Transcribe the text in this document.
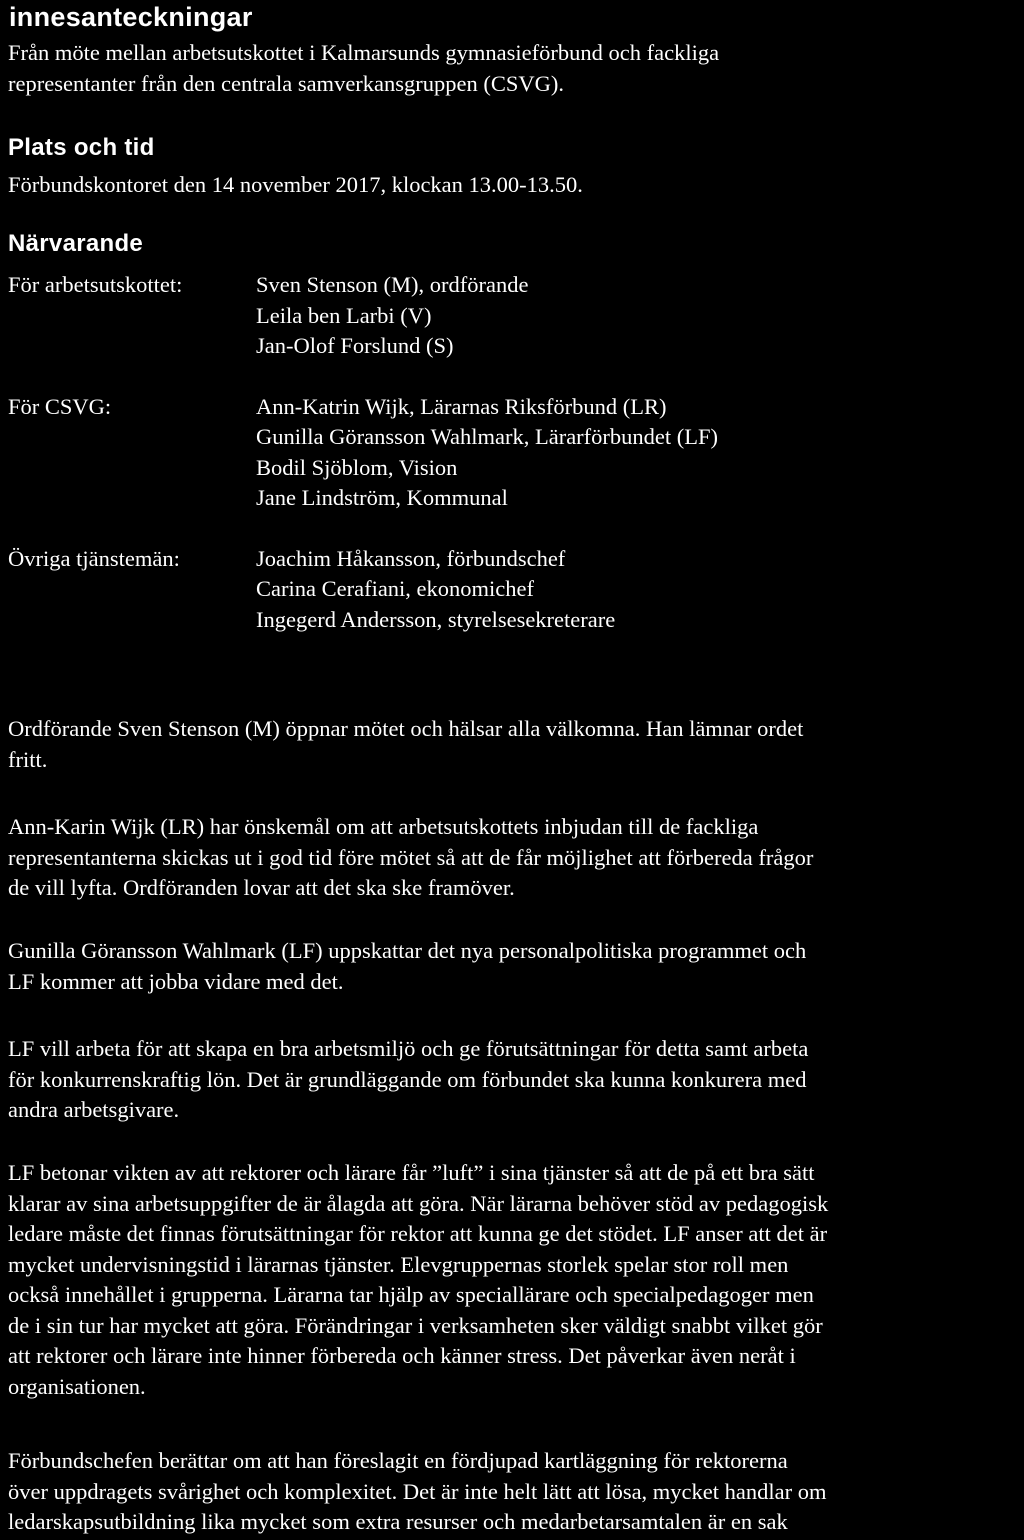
innesanteckningar

Från möte mellan arbetsutskottet i Kalmarsunds gymnasieförbund och fackliga
representanter från den centrala samverkansgruppen (CSVG).

Plats och tid

Förbundskontoret den 14 november 2017, klockan 13.00-13.50.

Närvarande
För arbetsutskottet:	Sven Stenson (M), ordförande
Leila ben Larbi (V)
Jan-Olof Forslund (S)
För CSVG:	Ann-Katrin Wijk, Lärarnas Riksförbund (LR)
Gunilla Göransson Wahlmark, Lärarförbundet (LF)
Bodil Sjöblom, Vision
Jane Lindström, Kommunal
Övriga tjänstemän:	Joachim Håkansson, förbundschef
Carina Cerafiani, ekonomichef
Ingegerd Andersson, styrelsesekreterare

Ordförande Sven Stenson (M) öppnar mötet och hälsar alla välkomna. Han lämnar ordet
fritt.

Ann-Karin Wijk (LR) har önskemål om att arbetsutskottets inbjudan till de fackliga
representanterna skickas ut i god tid före mötet så att de får möjlighet att förbereda frågor
de vill lyfta. Ordföranden lovar att det ska ske framöver.

Gunilla Göransson Wahlmark (LF) uppskattar det nya personalpolitiska programmet och
LF kommer att jobba vidare med det.

LF vill arbeta för att skapa en bra arbetsmiljö och ge förutsättningar för detta samt arbeta
för konkurrenskraftig lön. Det är grundläggande om förbundet ska kunna konkurera med
andra arbetsgivare.

LF betonar vikten av att rektorer och lärare får ”luft” i sina tjänster så att de på ett bra sätt
klarar av sina arbetsuppgifter de är ålagda att göra. När lärarna behöver stöd av pedagogisk
ledare måste det finnas förutsättningar för rektor att kunna ge det stödet. LF anser att det är
mycket undervisningstid i lärarnas tjänster. Elevgruppernas storlek spelar stor roll men
också innehållet i grupperna. Lärarna tar hjälp av speciallärare och specialpedagoger men
de i sin tur har mycket att göra. Förändringar i verksamheten sker väldigt snabbt vilket gör
att rektorer och lärare inte hinner förbereda och känner stress. Det påverkar även neråt i
organisationen.

Förbundschefen berättar om att han föreslagit en fördjupad kartläggning för rektorerna
över uppdragets svårighet och komplexitet. Det är inte helt lätt att lösa, mycket handlar om
ledarskapsutbildning lika mycket som extra resurser och medarbetarsamtalen är en sak
